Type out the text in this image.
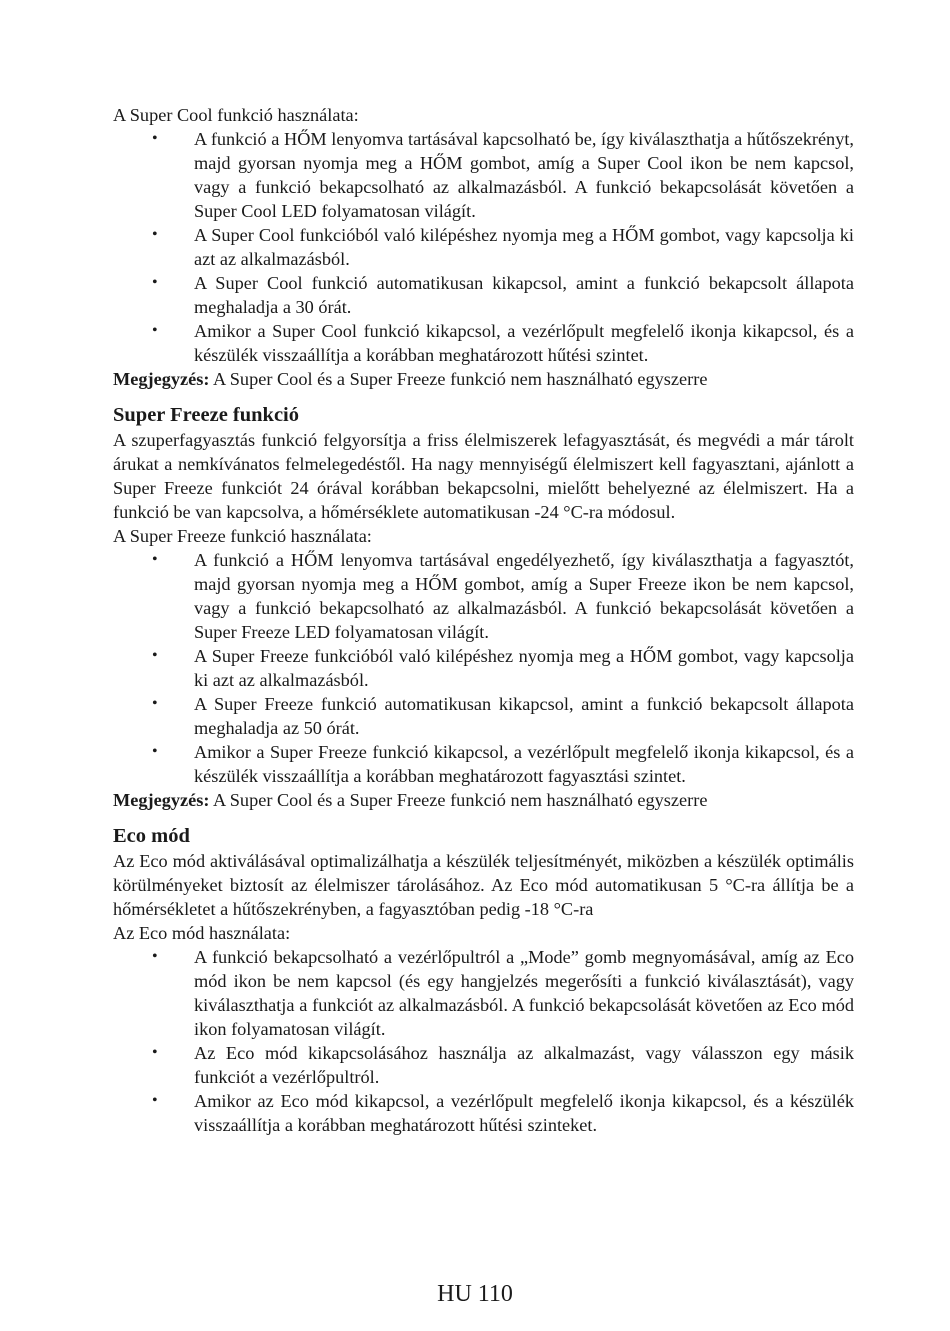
A Super Cool funkció használata:

• A funkció a HŐM lenyomva tartásával kapcsolható be, így kiválaszthatja a hűtőszekrényt, majd gyorsan nyomja meg a HŐM gombot, amíg a Super Cool ikon be nem kapcsol, vagy a funkció bekapcsolható az alkalmazásból. A funkció bekapcsolását követően a Super Cool LED folyamatosan világít.
• A Super Cool funkcióból való kilépéshez nyomja meg a HŐM gombot, vagy kapcsolja ki azt az alkalmazásból.
• A Super Cool funkció automatikusan kikapcsol, amint a funkció bekapcsolt állapota meghaladja a 30 órát.
• Amikor a Super Cool funkció kikapcsol, a vezérlőpult megfelelő ikonja kikapcsol, és a készülék visszaállítja a korábban meghatározott hűtési szintet.

Megjegyzés: A Super Cool és a Super Freeze funkció nem használható egyszerre

Super Freeze funkció

A szuperfagyasztás funkció felgyorsítja a friss élelmiszerek lefagyasztását, és megvédi a már tárolt árukat a nemkívánatos felmelegedéstől. Ha nagy mennyiségű élelmiszert kell fagyasztani, ajánlott a Super Freeze funkciót 24 órával korábban bekapcsolni, mielőtt behelyezné az élelmiszert. Ha a funkció be van kapcsolva, a hőmérséklete automatikusan -24 °C-ra módosul.

A Super Freeze funkció használata:

• A funkció a HŐM lenyomva tartásával engedélyezhető, így kiválaszthatja a fagyasztót, majd gyorsan nyomja meg a HŐM gombot, amíg a Super Freeze ikon be nem kapcsol, vagy a funkció bekapcsolható az alkalmazásból. A funkció bekapcsolását követően a Super Freeze LED folyamatosan világít.
• A Super Freeze funkcióból való kilépéshez nyomja meg a HŐM gombot, vagy kapcsolja ki azt az alkalmazásból.
• A Super Freeze funkció automatikusan kikapcsol, amint a funkció bekapcsolt állapota meghaladja az 50 órát.
• Amikor a Super Freeze funkció kikapcsol, a vezérlőpult megfelelő ikonja kikapcsol, és a készülék visszaállítja a korábban meghatározott fagyasztási szintet.

Megjegyzés: A Super Cool és a Super Freeze funkció nem használható egyszerre

Eco mód

Az Eco mód aktiválásával optimalizálhatja a készülék teljesítményét, miközben a készülék optimális körülményeket biztosít az élelmiszer tárolásához. Az Eco mód automatikusan 5 °C-ra állítja be a hőmérsékletet a hűtőszekrényben, a fagyasztóban pedig -18 °C-ra

Az Eco mód használata:

• A funkció bekapcsolható a vezérlőpultról a „Mode” gomb megnyomásával, amíg az Eco mód ikon be nem kapcsol (és egy hangjelzés megerősíti a funkció kiválasztását), vagy kiválaszthatja a funkciót az alkalmazásból. A funkció bekapcsolását követően az Eco mód ikon folyamatosan világít.
• Az Eco mód kikapcsolásához használja az alkalmazást, vagy válasszon egy másik funkciót a vezérlőpultról.
• Amikor az Eco mód kikapcsol, a vezérlőpult megfelelő ikonja kikapcsol, és a készülék visszaállítja a korábban meghatározott hűtési szinteket.
HU 110
